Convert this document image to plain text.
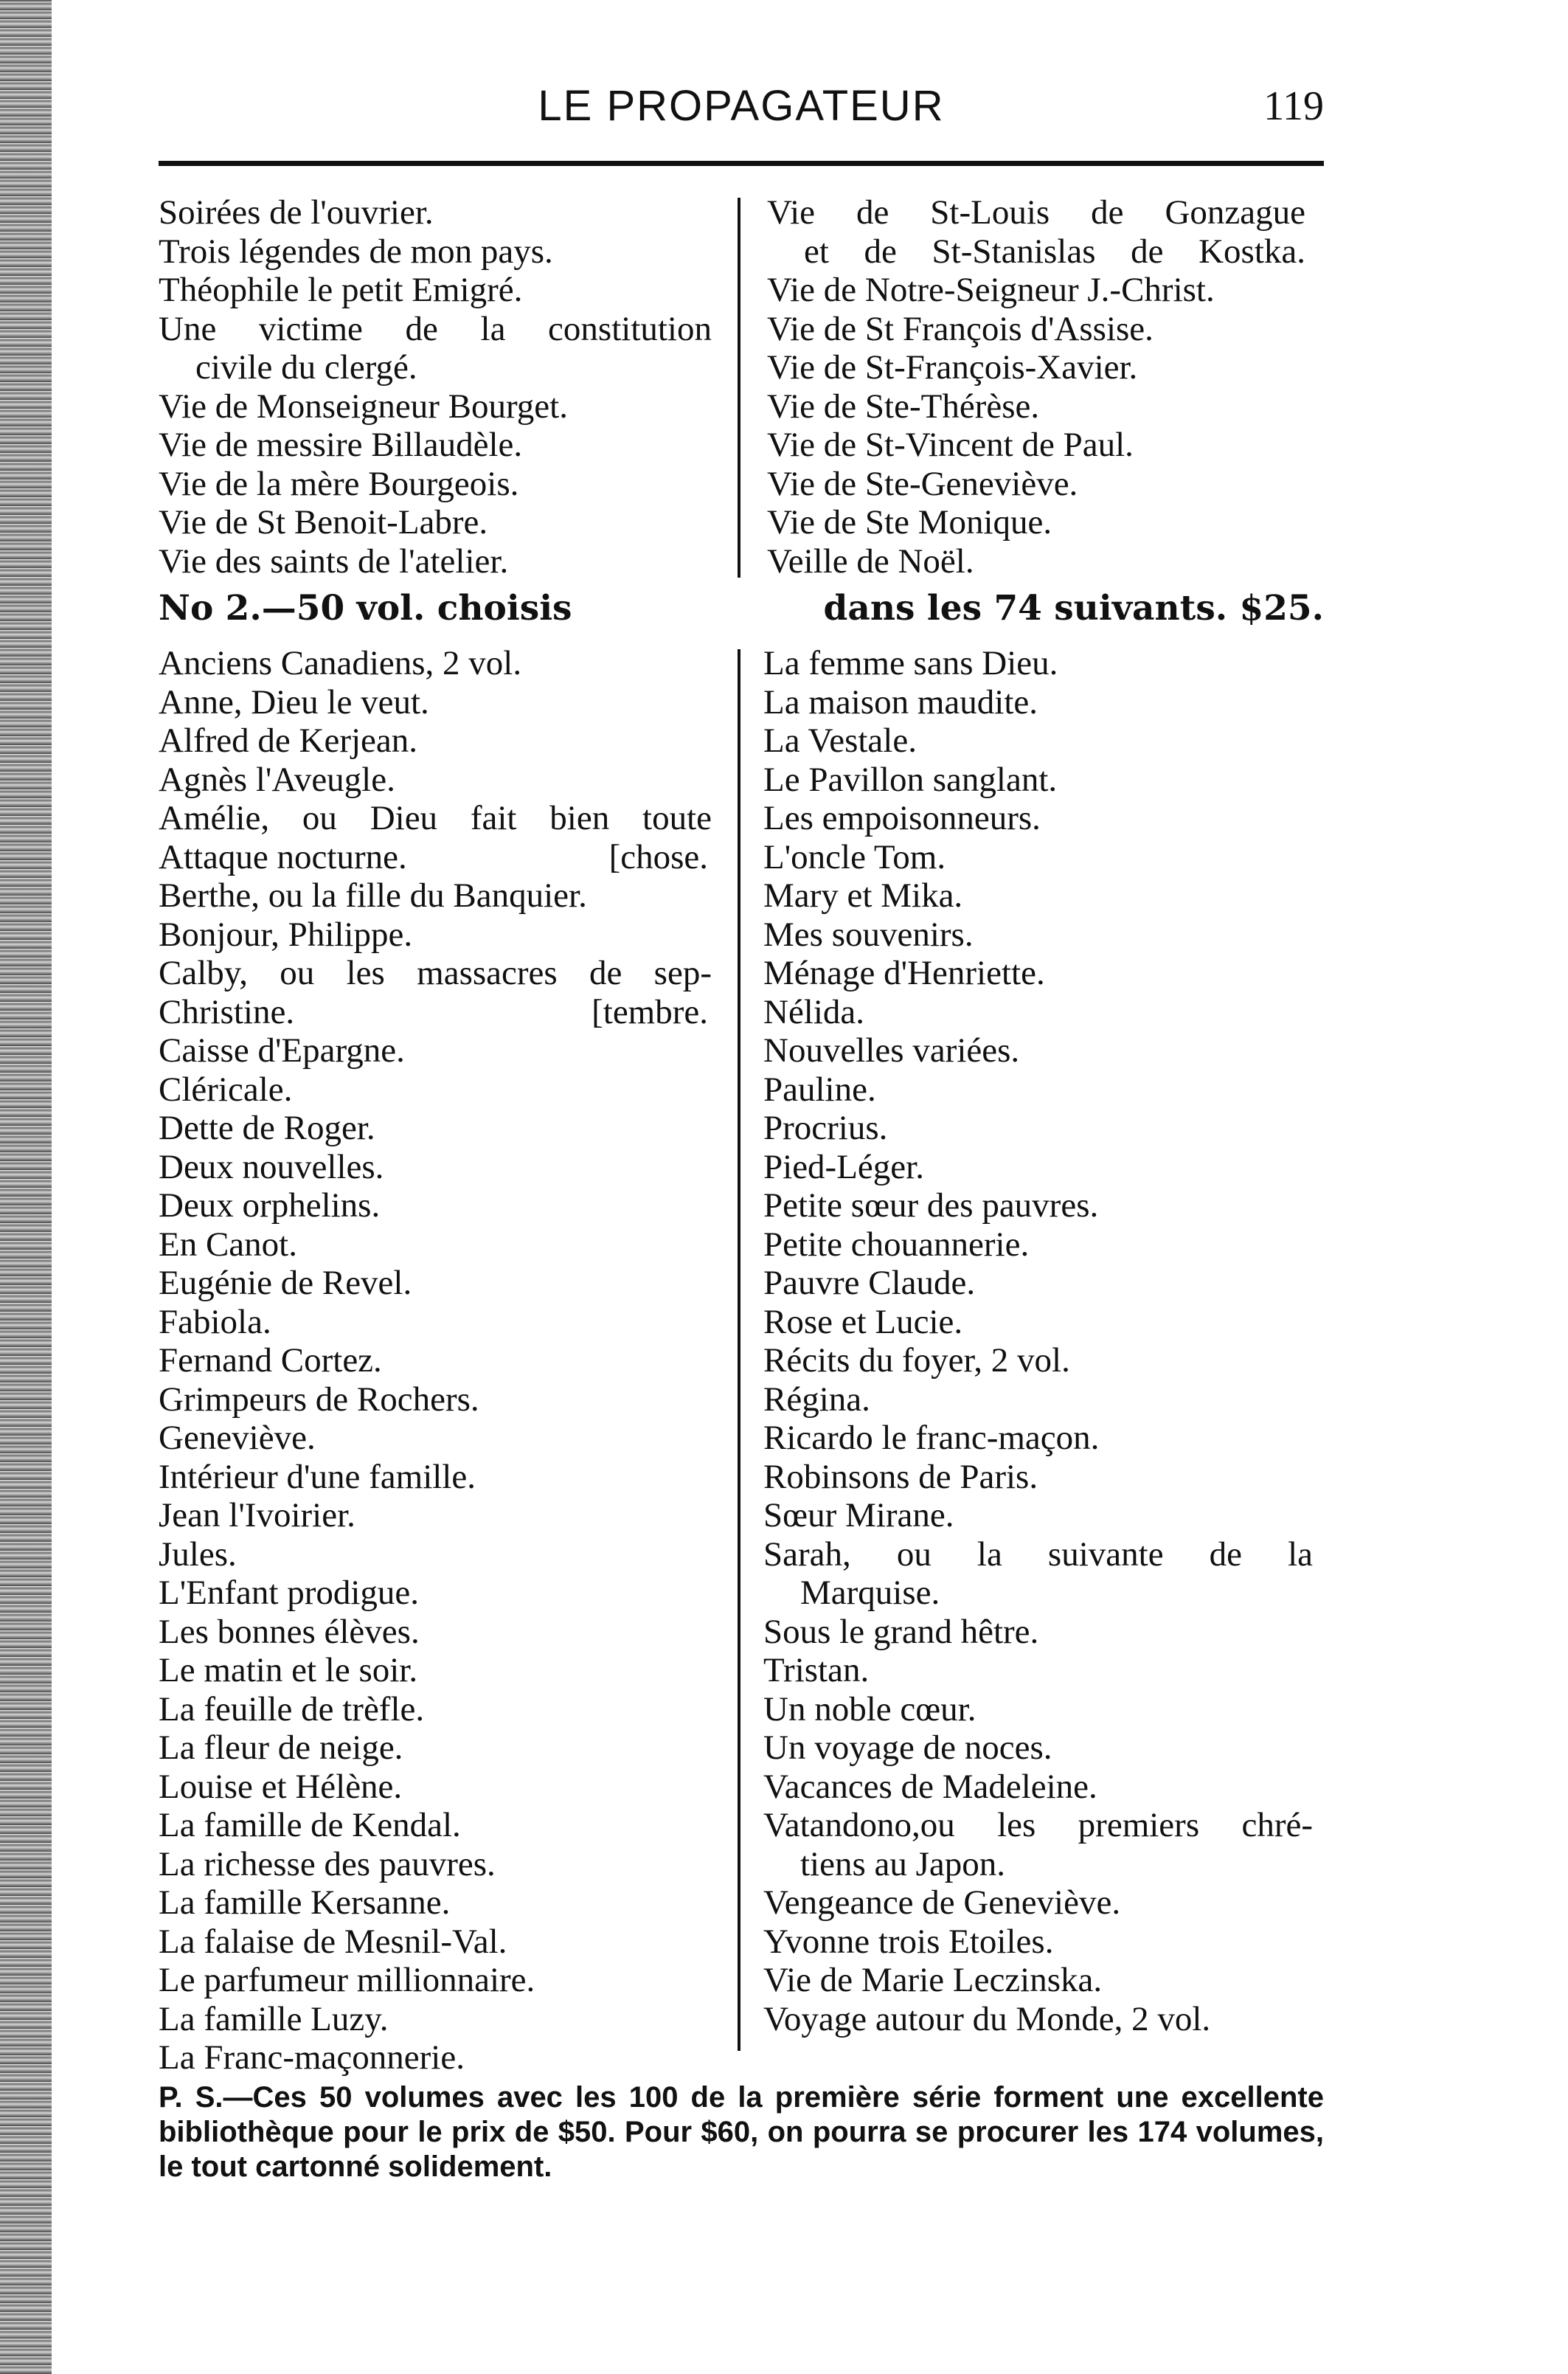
LE PROPAGATEUR	119
Soirées de l'ouvrier.
Trois légendes de mon pays.
Théophile le petit Emigré.
Une victime de la constitution
civile du clergé.
Vie de Monseigneur Bourget.
Vie de messire Billaudèle.
Vie de la mère Bourgeois.
Vie de St Benoit-Labre.
Vie des saints de l'atelier.
Vie de St-Louis de Gonzague
et de St-Stanislas de Kostka.
Vie de Notre-Seigneur J.-Christ.
Vie de St François d'Assise.
Vie de St-François-Xavier.
Vie de Ste-Thérèse.
Vie de St-Vincent de Paul.
Vie de Ste-Geneviève.
Vie de Ste Monique.
Veille de Noël.
No 2.—50 vol. choisis	dans les 74 suivants. $25.
Anciens Canadiens, 2 vol.
Anne, Dieu le veut.
Alfred de Kerjean.
Agnès l'Aveugle.
Amélie, ou Dieu fait bien toute
Attaque nocturne.	[chose.
Berthe, ou la fille du Banquier.
Bonjour, Philippe.
Calby, ou les massacres de sep-
Christine.	[tembre.
Caisse d'Epargne.
Cléricale.
Dette de Roger.
Deux nouvelles.
Deux orphelins.
En Canot.
Eugénie de Revel.
Fabiola.
Fernand Cortez.
Grimpeurs de Rochers.
Geneviève.
Intérieur d'une famille.
Jean l'Ivoirier.
Jules.
L'Enfant prodigue.
Les bonnes élèves.
Le matin et le soir.
La feuille de trèfle.
La fleur de neige.
Louise et Hélène.
La famille de Kendal.
La richesse des pauvres.
La famille Kersanne.
La falaise de Mesnil-Val.
Le parfumeur millionnaire.
La famille Luzy.
La Franc-maçonnerie.
La femme sans Dieu.
La maison maudite.
La Vestale.
Le Pavillon sanglant.
Les empoisonneurs.
L'oncle Tom.
Mary et Mika.
Mes souvenirs.
Ménage d'Henriette.
Nélida.
Nouvelles variées.
Pauline.
Procrius.
Pied-Léger.
Petite sœur des pauvres.
Petite chouannerie.
Pauvre Claude.
Rose et Lucie.
Récits du foyer, 2 vol.
Régina.
Ricardo le franc-maçon.
Robinsons de Paris.
Sœur Mirane.
Sarah, ou la suivante de la
Marquise.
Sous le grand hêtre.
Tristan.
Un noble cœur.
Un voyage de noces.
Vacances de Madeleine.
Vatandono,ou les premiers chré-
tiens au Japon.
Vengeance de Geneviève.
Yvonne trois Etoiles.
Vie de Marie Leczinska.
Voyage autour du Monde, 2 vol.
P. S.—Ces 50 volumes avec les 100 de la première série forment une excellente bibliothèque pour le prix de $50. Pour $60, on pourra se procurer les 174 volumes, le tout cartonné solidement.
